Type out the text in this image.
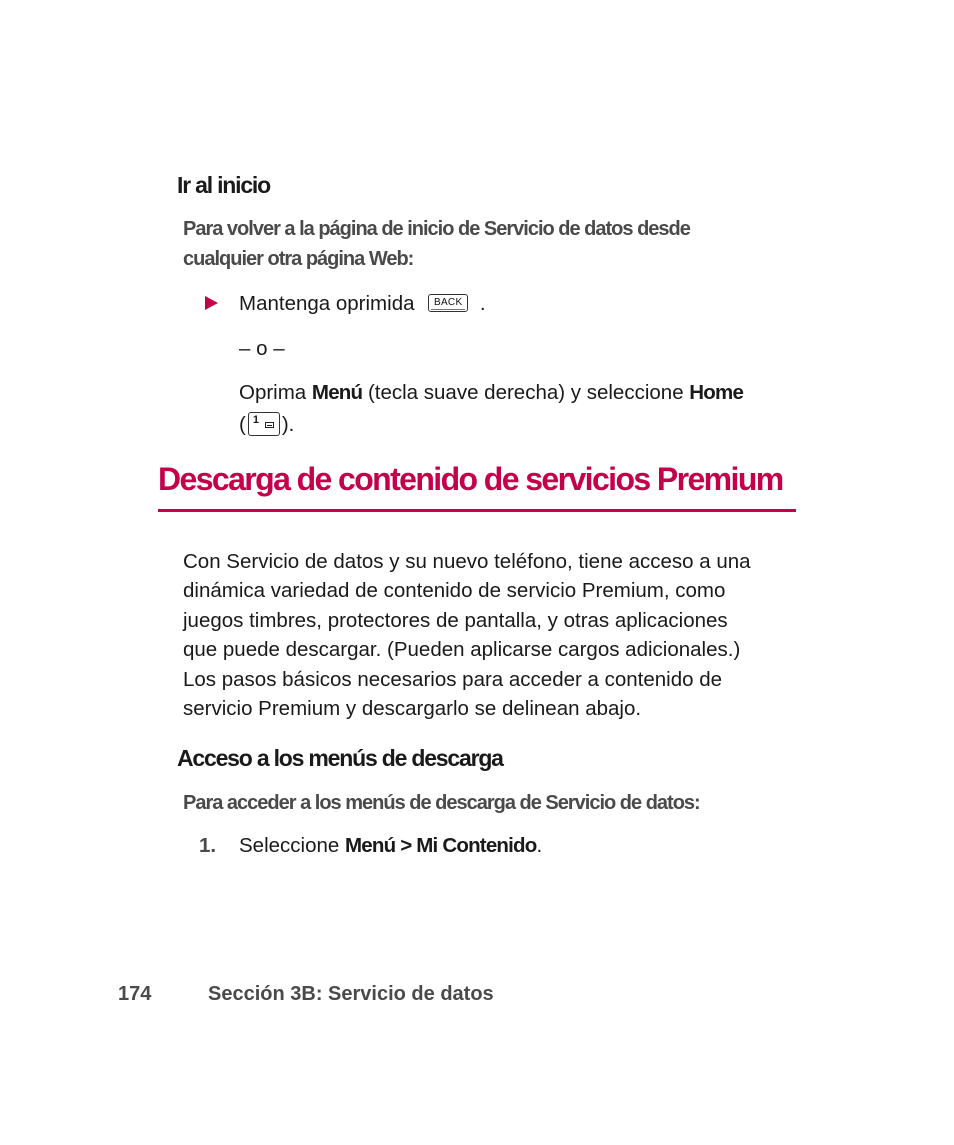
Ir al inicio
Para volver a la página de inicio de Servicio de datos desde
cualquier otra página Web:
Mantenga oprimida BACK .
– o –
Oprima Menú (tecla suave derecha) y seleccione Home
( 1 ).
Descarga de contenido de servicios Premium
Con Servicio de datos y su nuevo teléfono, tiene acceso a una
dinámica variedad de contenido de servicio Premium, como
juegos timbres, protectores de pantalla, y otras aplicaciones
que puede descargar. (Pueden aplicarse cargos adicionales.)
Los pasos básicos necesarios para acceder a contenido de
servicio Premium y descargarlo se delinean abajo.
Acceso a los menús de descarga
Para acceder a los menús de descarga de Servicio de datos:
1. Seleccione Menú > Mi Contenido.
174	Sección 3B: Servicio de datos
